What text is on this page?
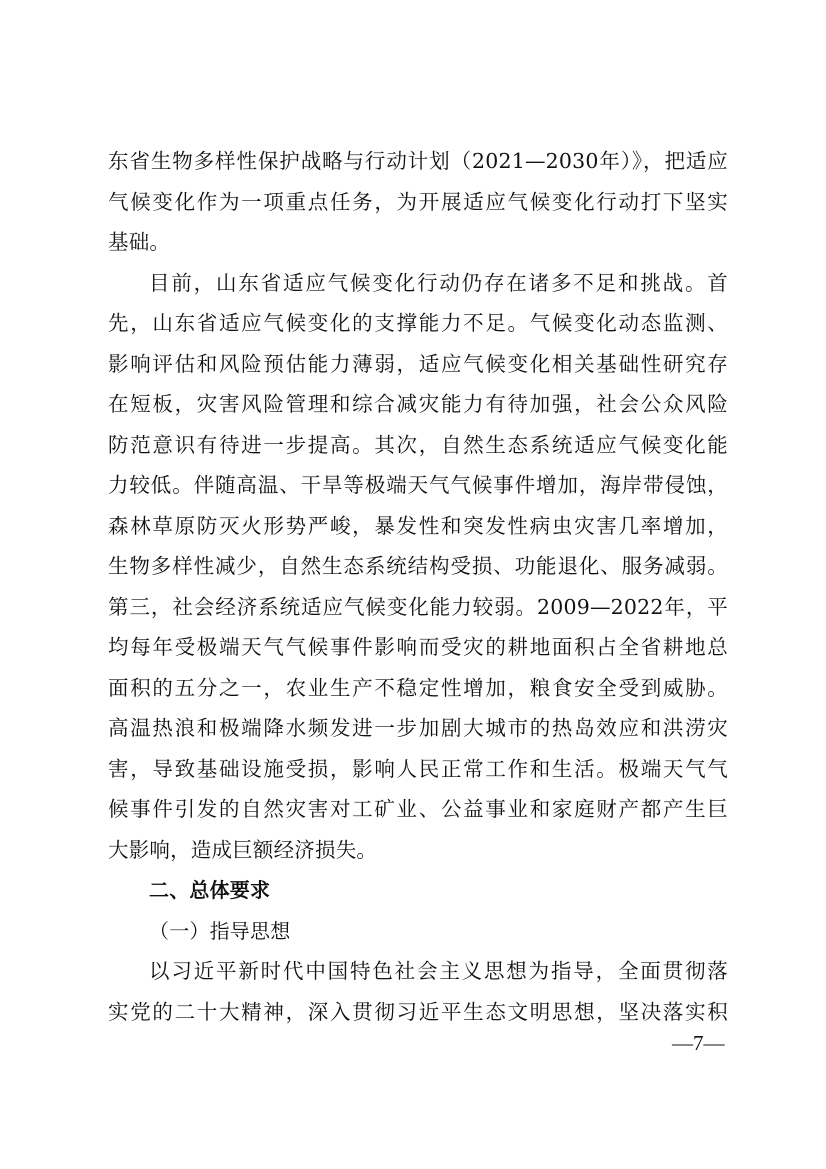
东省生物多样性保护战略与行动计划（2021—2030年）》，把适应
气候变化作为一项重点任务，为开展适应气候变化行动打下坚实
基础。
目前，山东省适应气候变化行动仍存在诸多不足和挑战。首
先，山东省适应气候变化的支撑能力不足。气候变化动态监测、
影响评估和风险预估能力薄弱，适应气候变化相关基础性研究存
在短板，灾害风险管理和综合减灾能力有待加强，社会公众风险
防范意识有待进一步提高。其次，自然生态系统适应气候变化能
力较低。伴随高温、干旱等极端天气气候事件增加，海岸带侵蚀，
森林草原防灭火形势严峻，暴发性和突发性病虫灾害几率增加，
生物多样性减少，自然生态系统结构受损、功能退化、服务减弱。
第三，社会经济系统适应气候变化能力较弱。2009—2022年，平
均每年受极端天气气候事件影响而受灾的耕地面积占全省耕地总
面积的五分之一，农业生产不稳定性增加，粮食安全受到威胁。
高温热浪和极端降水频发进一步加剧大城市的热岛效应和洪涝灾
害，导致基础设施受损，影响人民正常工作和生活。极端天气气
候事件引发的自然灾害对工矿业、公益事业和家庭财产都产生巨
大影响，造成巨额经济损失。
二、总体要求
（一）指导思想
以习近平新时代中国特色社会主义思想为指导，全面贯彻落
实党的二十大精神，深入贯彻习近平生态文明思想，坚决落实积
—7—
